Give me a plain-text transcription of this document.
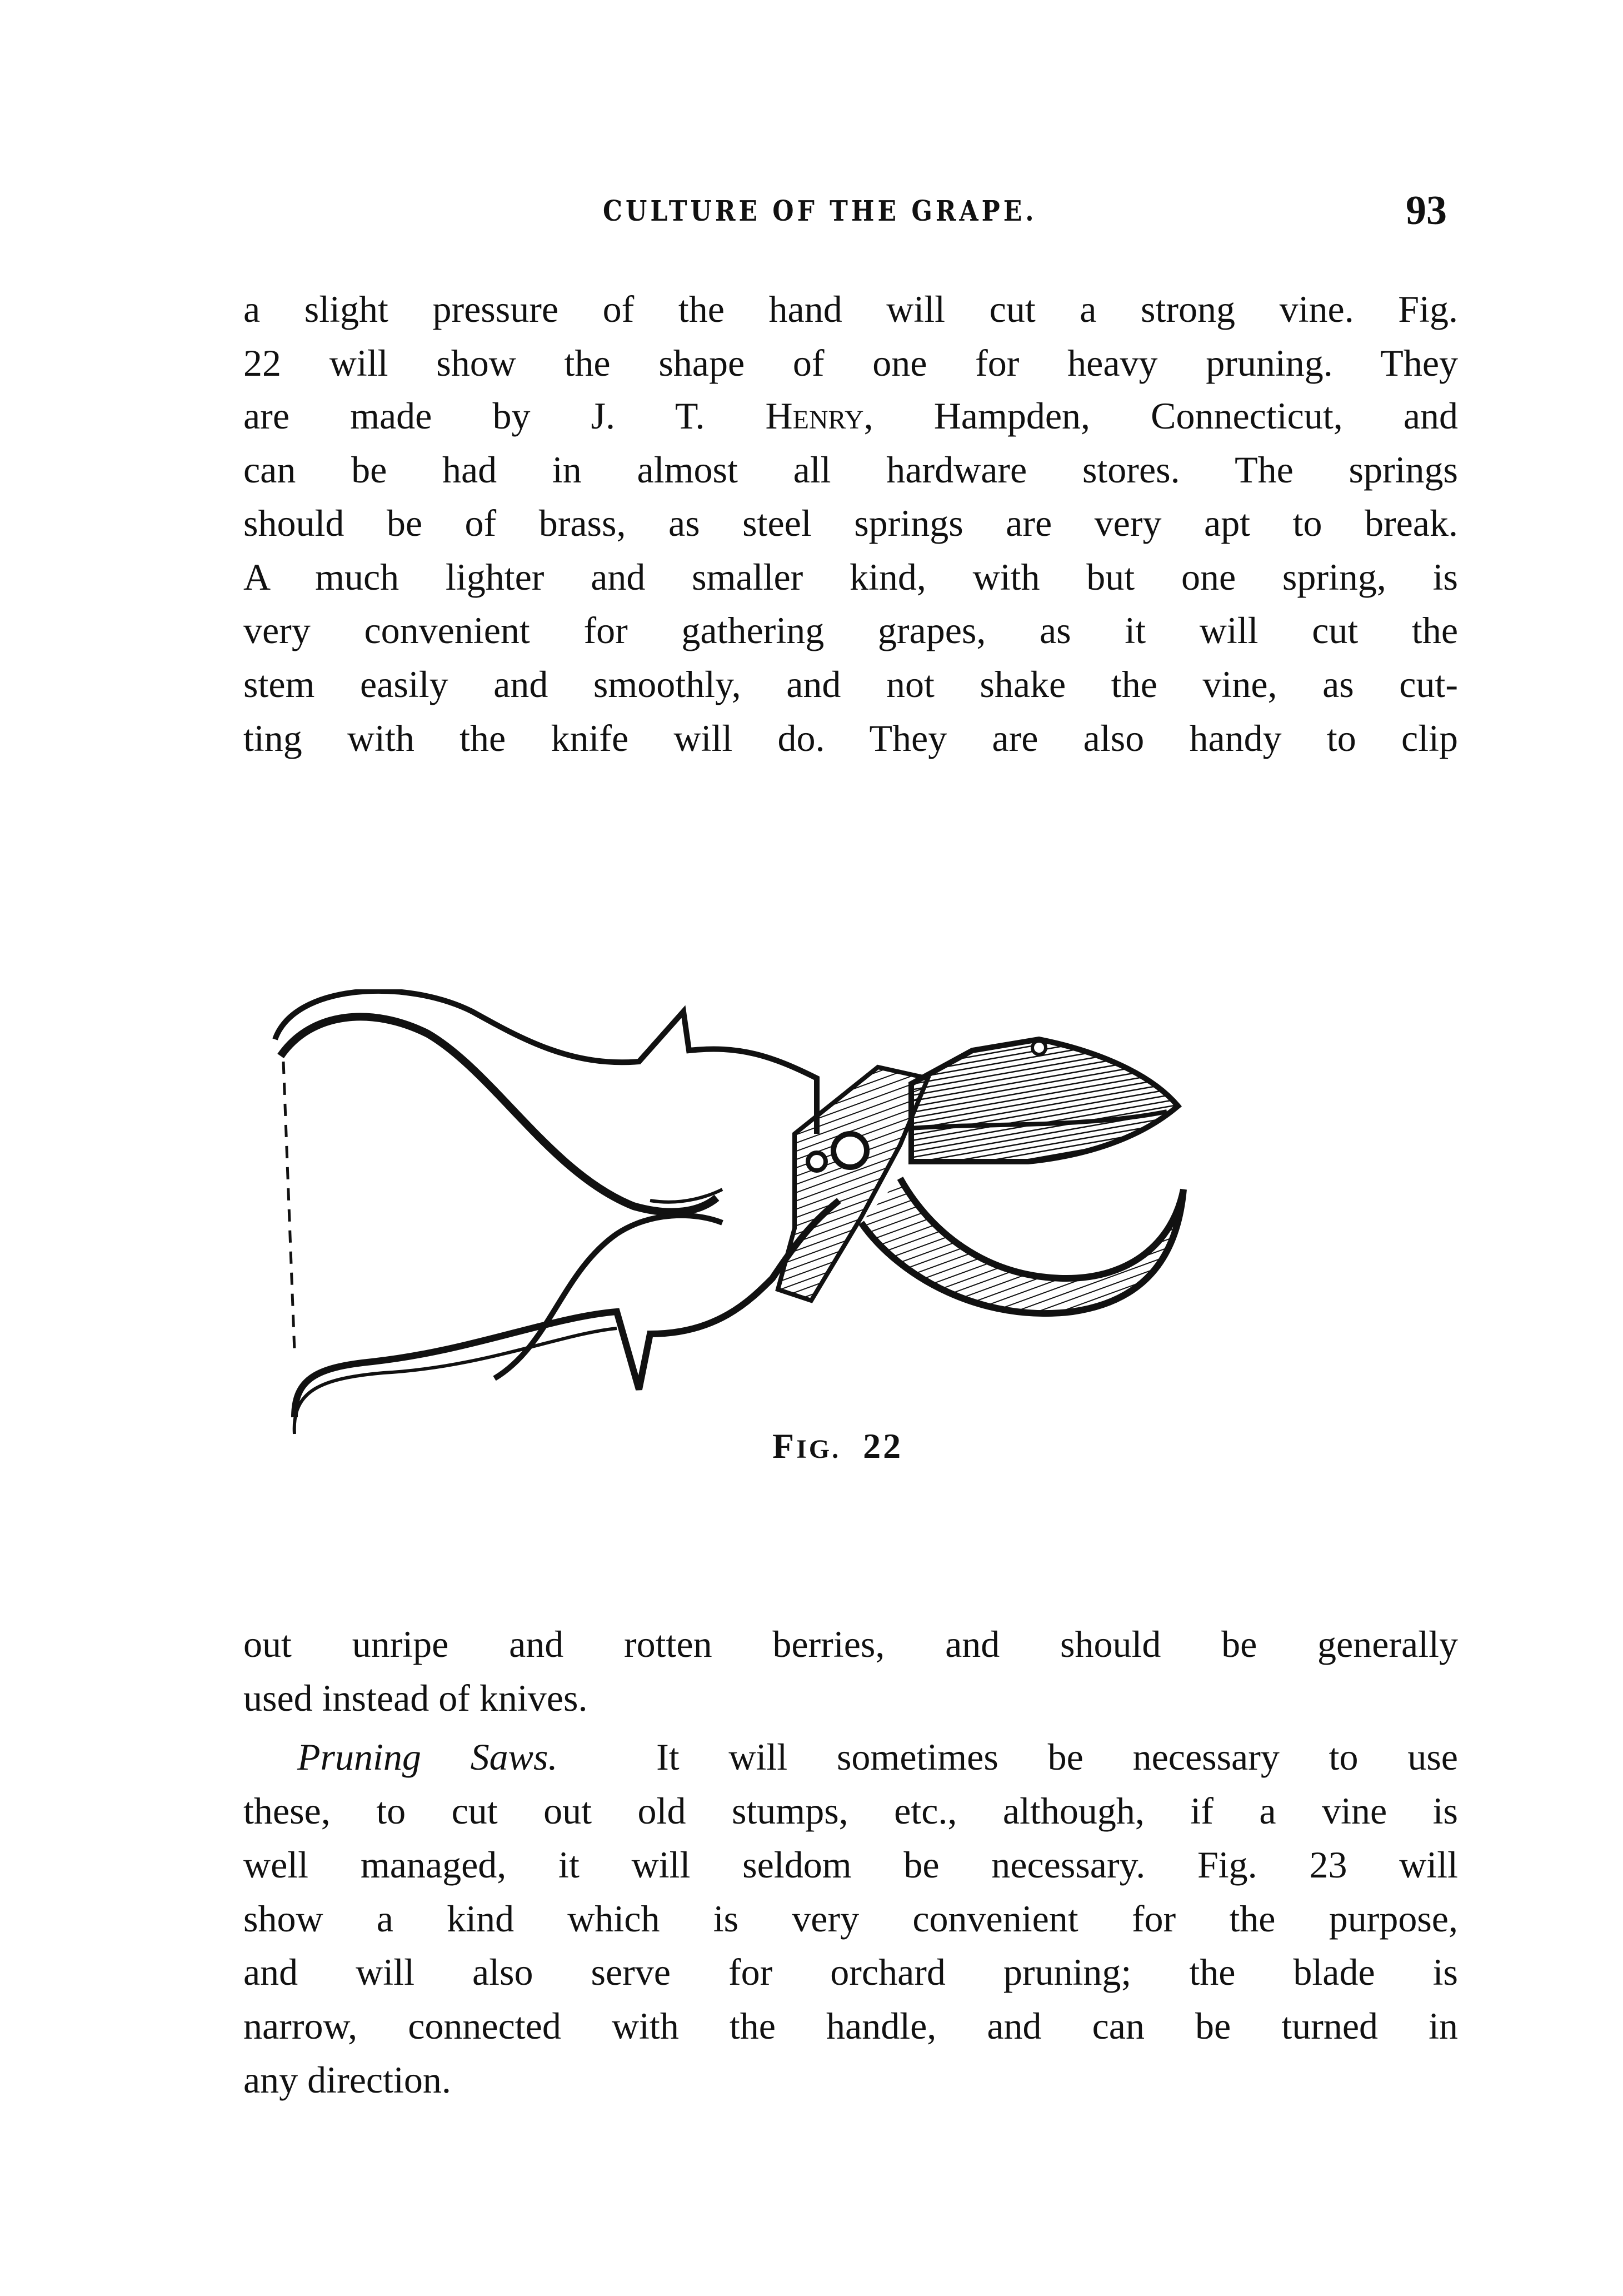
CULTURE OF THE GRAPE.	93
a slight pressure of the hand will cut a strong vine. Fig.
22 will show the shape of one for heavy pruning. They
are made by J. T. Henry, Hampden, Connecticut, and
can be had in almost all hardware stores. The springs
should be of brass, as steel springs are very apt to break.
A much lighter and smaller kind, with but one spring, is
very convenient for gathering grapes, as it will cut the
stem easily and smoothly, and not shake the vine, as cut-
ting with the knife will do. They are also handy to clip
FIG. 22
out unripe and rotten berries, and should be generally
used instead of knives.
Pruning Saws.  It will sometimes be necessary to use
these, to cut out old stumps, etc., although, if a vine is
well managed, it will seldom be necessary. Fig. 23 will
show a kind which is very convenient for the purpose,
and will also serve for orchard pruning; the blade is
narrow, connected with the handle, and can be turned in
any direction.
